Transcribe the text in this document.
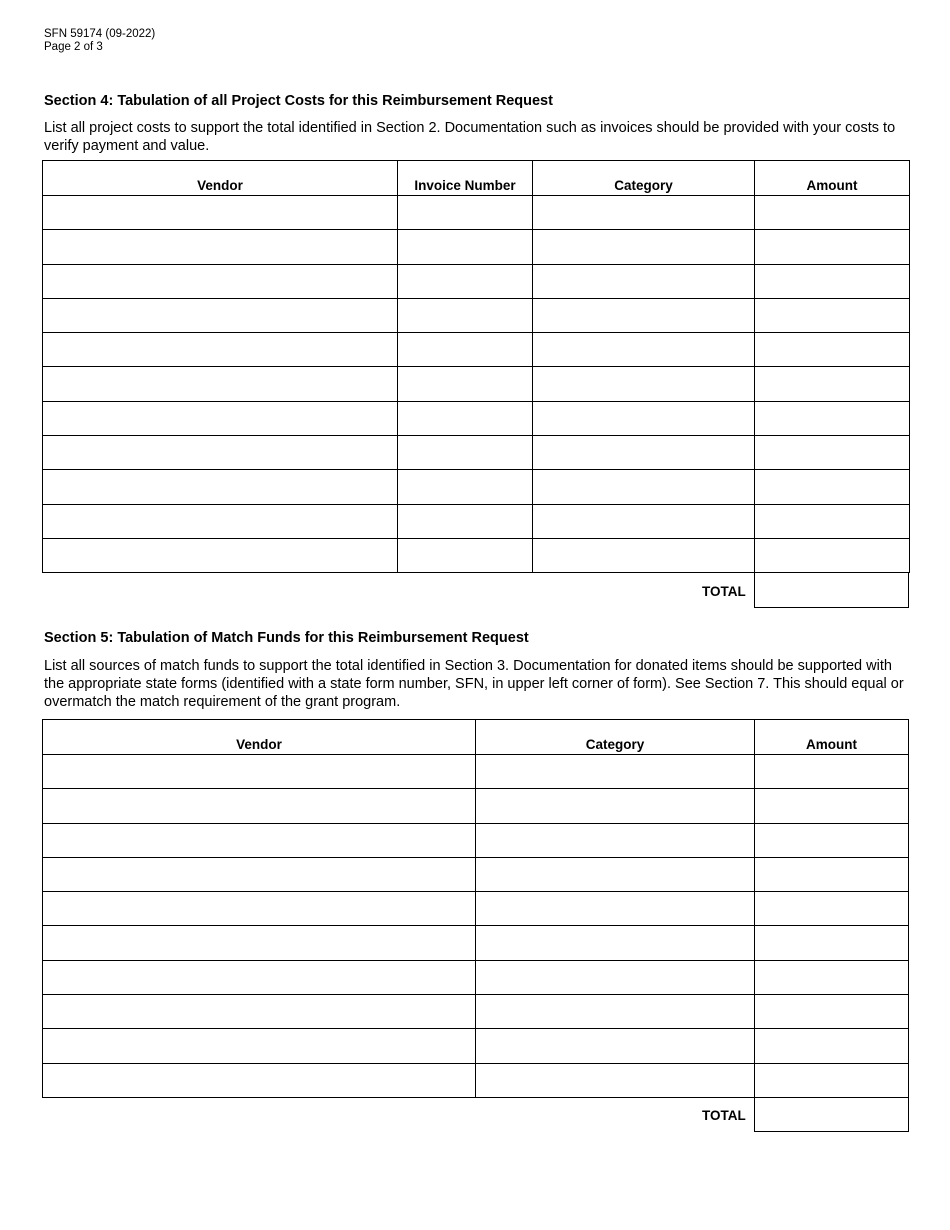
SFN 59174 (09-2022)
Page 2 of 3
Section 4: Tabulation of all Project Costs for this Reimbursement Request
List all project costs to support the total identified in Section 2. Documentation such as invoices should be provided with your costs to verify payment and value.
Vendor	Invoice Number	Category	Amount

TOTAL
Section 5: Tabulation of Match Funds for this Reimbursement Request
List all sources of match funds to support the total identified in Section 3. Documentation for donated items should be supported with the appropriate state forms (identified with a state form number, SFN, in upper left corner of form). See Section 7. This should equal or overmatch the match requirement of the grant program.
Vendor	Category	Amount

TOTAL
